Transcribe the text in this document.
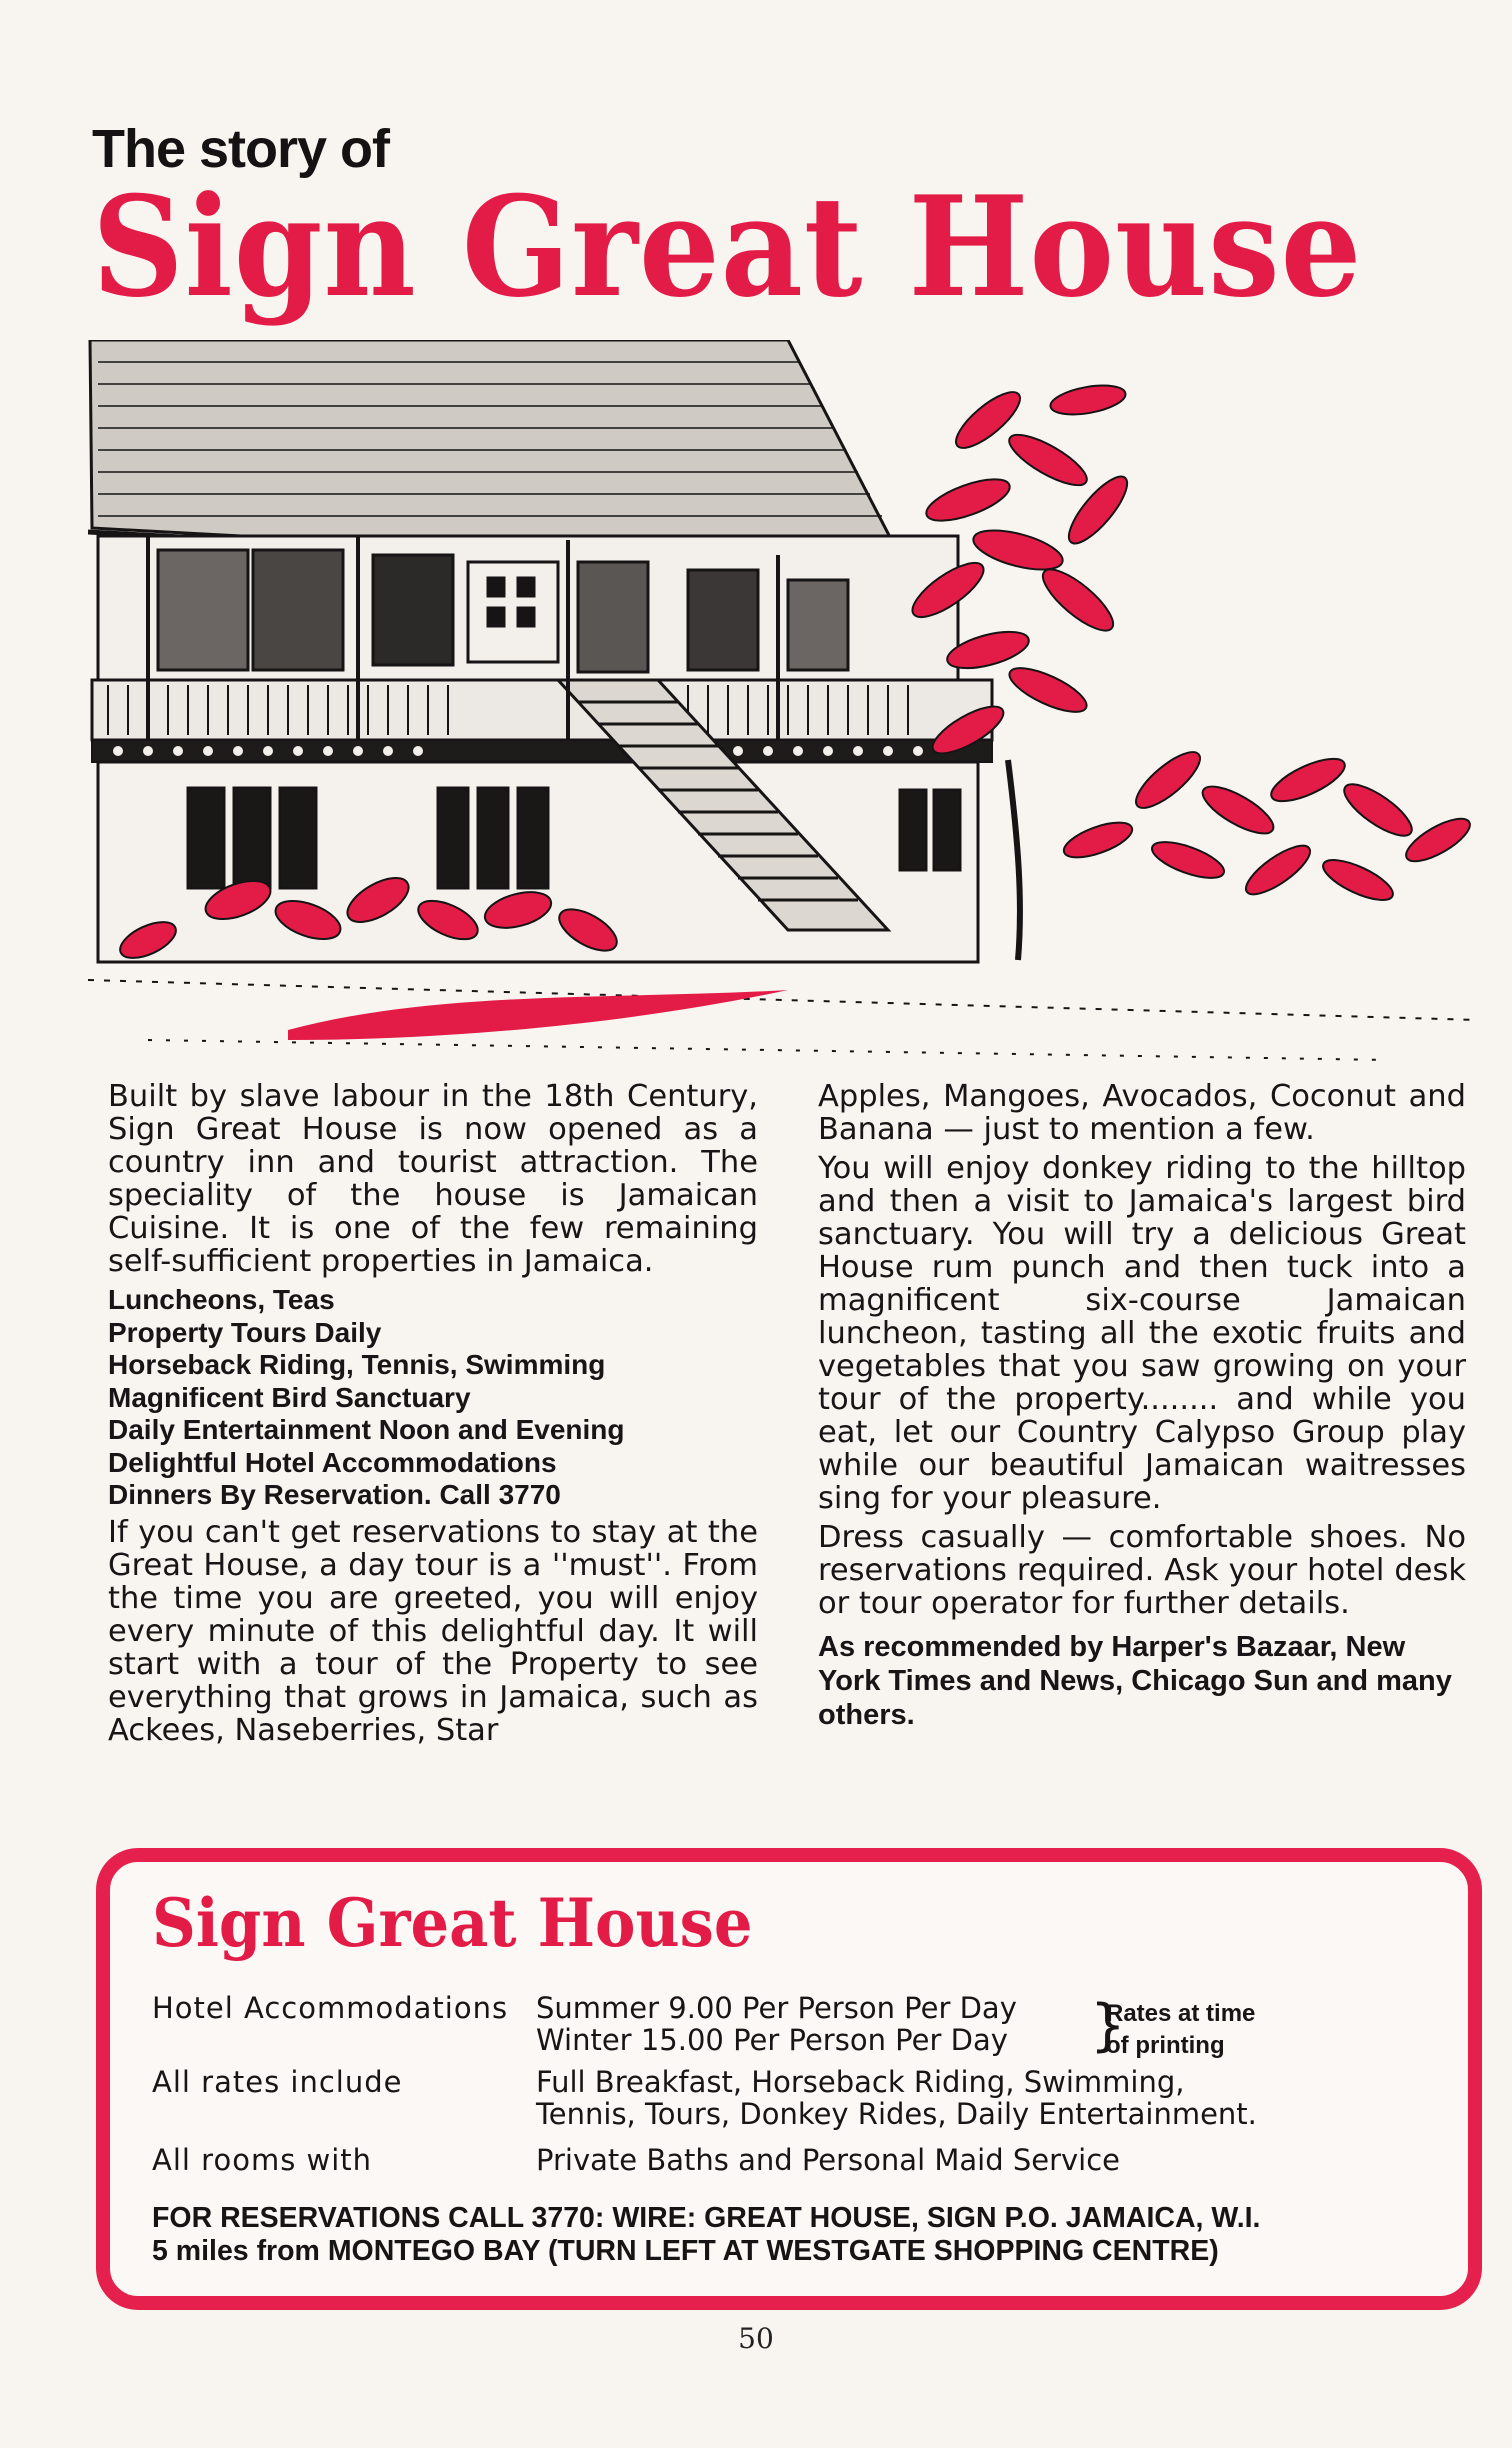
The story of
Sign Great House

Built by slave labour in the 18th Century, Sign Great House is now opened as a country inn and tourist attraction. The speciality of the house is Jamaican Cuisine. It is one of the few remaining self-sufficient properties in Jamaica.

Luncheons, Teas
Property Tours Daily
Horseback Riding, Tennis, Swimming
Magnificent Bird Sanctuary
Daily Entertainment Noon and Evening
Delightful Hotel Accommodations
Dinners By Reservation. Call 3770

If you can't get reservations to stay at the Great House, a day tour is a ''must''. From the time you are greeted, you will enjoy every minute of this delightful day. It will start with a tour of the Property to see everything that grows in Jamaica, such as Ackees, Naseberries, Star

Apples, Mangoes, Avocados, Coconut and Banana — just to mention a few.

You will enjoy donkey riding to the hilltop and then a visit to Jamaica's largest bird sanctuary. You will try a delicious Great House rum punch and then tuck into a magnificent six-course Jamaican luncheon, tasting all the exotic fruits and vegetables that you saw growing on your tour of the property........ and while you eat, let our Country Calypso Group play while our beautiful Jamaican waitresses sing for your pleasure.

Dress casually — comfortable shoes. No reservations required. Ask your hotel desk or tour operator for further details.

As recommended by Harper's Bazaar, New York Times and News, Chicago Sun and many others.
Sign Great House
Hotel Accommodations Summer 9.00 Per Person Per Day
Winter 15.00 Per Person Per Day	}
Rates at time
of printing
All rates include	Full Breakfast, Horseback Riding, Swimming,
Tennis, Tours, Donkey Rides, Daily Entertainment.
All rooms with	Private Baths and Personal Maid Service
FOR RESERVATIONS CALL 3770: WIRE: GREAT HOUSE, SIGN P.O. JAMAICA, W.I.
5 miles from MONTEGO BAY (TURN LEFT AT WESTGATE SHOPPING CENTRE)
50
